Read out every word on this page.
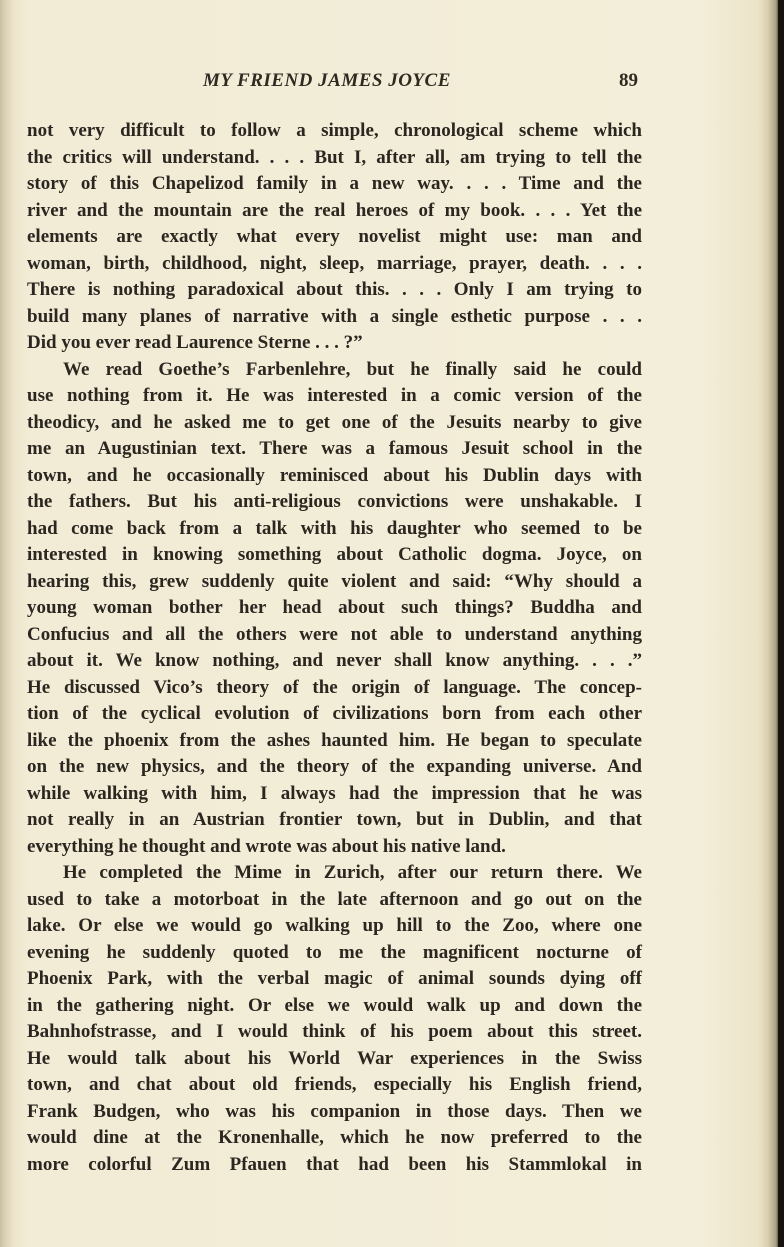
MY FRIEND JAMES JOYCE	89
not very difficult to follow a simple, chronological scheme which
the critics will understand. . . . But I, after all, am trying to tell the
story of this Chapelizod family in a new way. . . . Time and the
river and the mountain are the real heroes of my book. . . . Yet the
elements are exactly what every novelist might use: man and
woman, birth, childhood, night, sleep, marriage, prayer, death. . . .
There is nothing paradoxical about this. . . . Only I am trying to
build many planes of narrative with a single esthetic purpose . . .
Did you ever read Laurence Sterne . . . ?”
We read Goethe’s Farbenlehre, but he finally said he could
use nothing from it. He was interested in a comic version of the
theodicy, and he asked me to get one of the Jesuits nearby to give
me an Augustinian text. There was a famous Jesuit school in the
town, and he occasionally reminisced about his Dublin days with
the fathers. But his anti-religious convictions were unshakable. I
had come back from a talk with his daughter who seemed to be
interested in knowing something about Catholic dogma. Joyce, on
hearing this, grew suddenly quite violent and said: “Why should a
young woman bother her head about such things? Buddha and
Confucius and all the others were not able to understand anything
about it. We know nothing, and never shall know anything. . . .”
He discussed Vico’s theory of the origin of language. The concep-
tion of the cyclical evolution of civilizations born from each other
like the phoenix from the ashes haunted him. He began to speculate
on the new physics, and the theory of the expanding universe. And
while walking with him, I always had the impression that he was
not really in an Austrian frontier town, but in Dublin, and that
everything he thought and wrote was about his native land.
He completed the Mime in Zurich, after our return there. We
used to take a motorboat in the late afternoon and go out on the
lake. Or else we would go walking up hill to the Zoo, where one
evening he suddenly quoted to me the magnificent nocturne of
Phoenix Park, with the verbal magic of animal sounds dying off
in the gathering night. Or else we would walk up and down the
Bahnhofstrasse, and I would think of his poem about this street.
He would talk about his World War experiences in the Swiss
town, and chat about old friends, especially his English friend,
Frank Budgen, who was his companion in those days. Then we
would dine at the Kronenhalle, which he now preferred to the
more colorful Zum Pfauen that had been his Stammlokal in
